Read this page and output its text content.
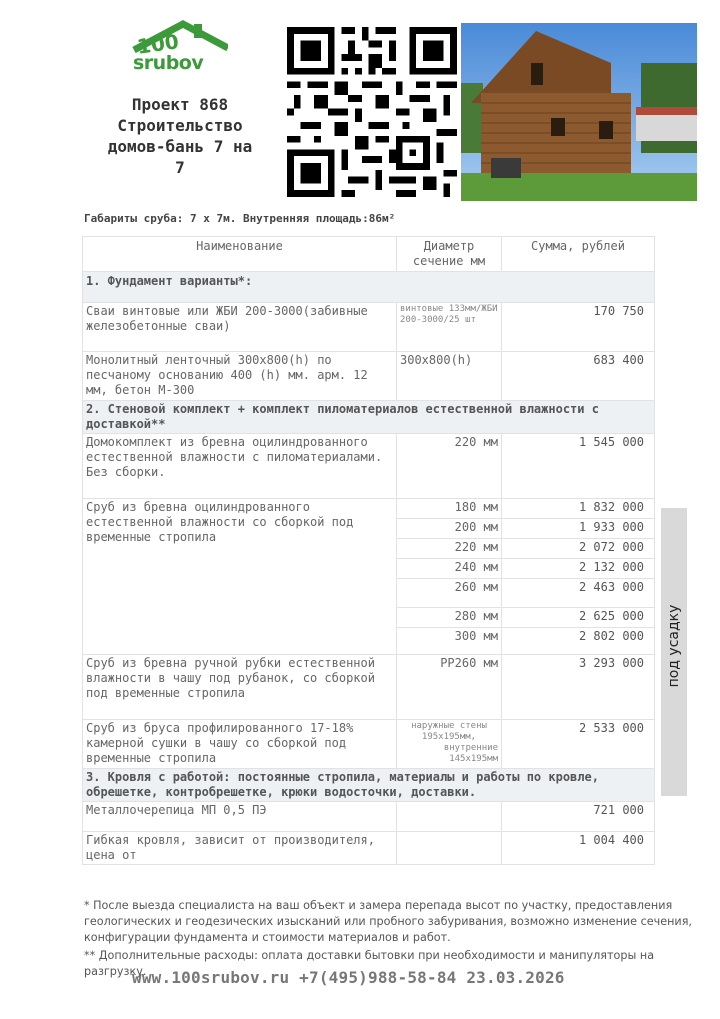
100
srubov
Проект 868
Строительство
домов-бань 7 на
7
Габариты сруба: 7 x 7м. Внутренняя площадь:86м²
Наименование	Диаметр сечение мм	Сумма, рублей
1. Фундамент варианты*:		
Сваи винтовые или ЖБИ 200-3000(забивные железобетонные сваи)	винтовые 133мм/ЖБИ 200-3000/25 шт	170 750
Монолитный ленточный 300x800(h) по песчаному основанию 400 (h) мм. арм. 12 мм, бетон М-300	300x800(h)	683 400
2. Стеновой комплект + комплект пиломатериалов естественной влажности с доставкой**		
Домокомплект из бревна оцилиндрованного естественной влажности с пиломатериалами. Без сборки.	220 мм	1 545 000
Сруб из бревна оцилиндрованного естественной влажности со сборкой под временные стропила	180 мм	1 832 000
	200 мм	1 933 000
	220 мм	2 072 000
	240 мм	2 132 000
	260 мм	2 463 000
	280 мм	2 625 000
	300 мм	2 802 000
Сруб из бревна ручной рубки естественной влажности в чашу под рубанок, со сборкой под временные стропила	РР260 мм	3 293 000
Сруб из бруса профилированного 17-18% камерной сушки в чашу со сборкой под временные стропила	наружные стены
195x195мм,
внутренние
145x195мм	2 533 000
3. Кровля с работой: постоянные стропила, материалы и работы по кровле, обрешетке, контробрешетке, крюки водосточки, доставки.		
Металлочерепица МП 0,5 ПЭ		721 000
Гибкая кровля, зависит от производителя, цена от		1 004 400
под усадку
* После выезда специалиста на ваш объект и замера перепада высот по участку, предоставления геологических и геодезических изысканий или пробного забуривания, возможно изменение сечения, конфигурации фундамента и стоимости материалов и работ.
** Дополнительные расходы: оплата доставки бытовки при необходимости и манипуляторы на разгрузку.
www.100srubov.ru +7(495)988-58-84 23.03.2026
